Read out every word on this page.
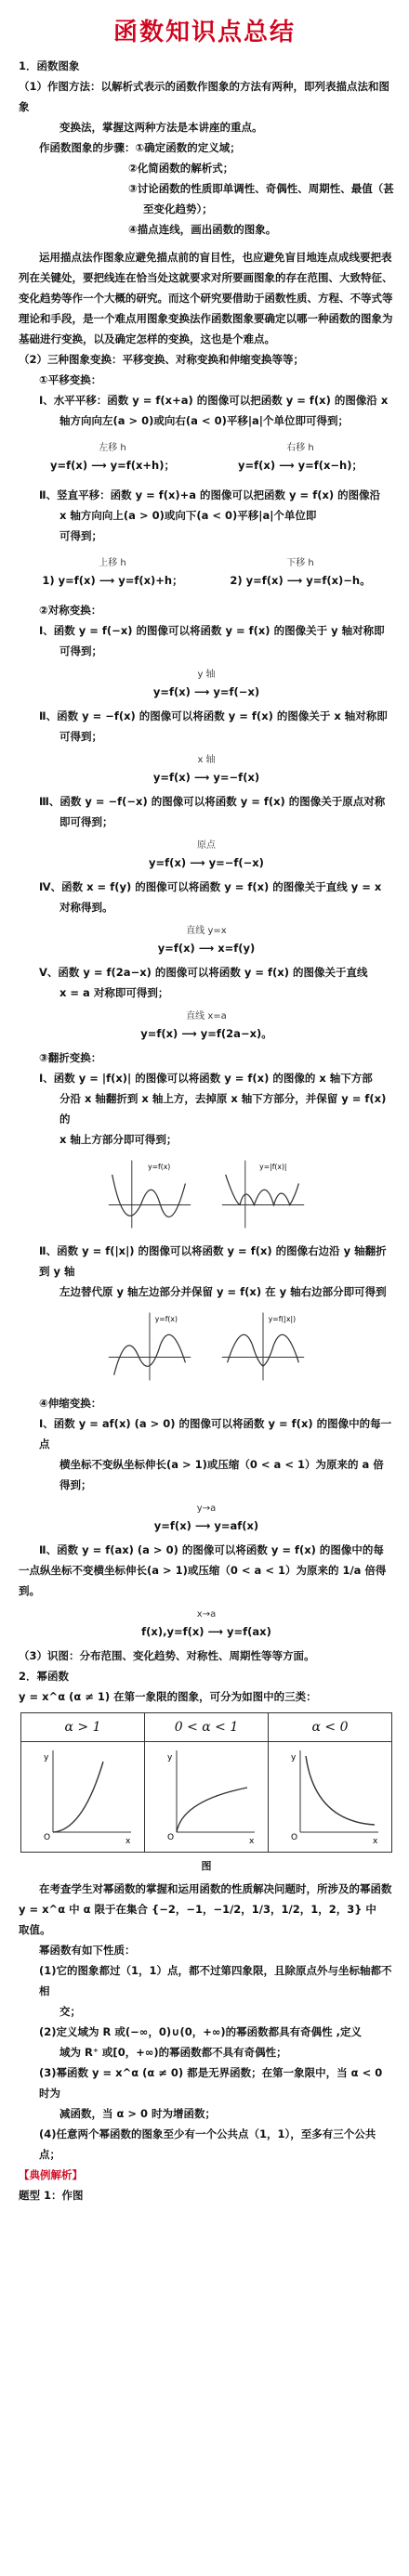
函数知识点总结

1．函数图象

（1）作图方法：以解析式表示的函数作图象的方法有两种，即列表描点法和图象

变换法，掌握这两种方法是本讲座的重点。

作函数图象的步骤：①确定函数的定义域；

②化简函数的解析式；

③讨论函数的性质即单调性、奇偶性、周期性、最值（甚

至变化趋势）；

④描点连线，画出函数的图象。

运用描点法作图象应避免描点前的盲目性，也应避免盲目地连点成线要把表

列在关键处，要把线连在恰当处这就要求对所要画图象的存在范围、大致特征、

变化趋势等作一个大概的研究。而这个研究要借助于函数性质、方程、不等式等

理论和手段，是一个难点用图象变换法作函数图象要确定以哪一种函数的图象为

基础进行变换，以及确定怎样的变换，这也是个难点。

（2）三种图象变换：平移变换、对称变换和伸缩变换等等；

①平移变换：

Ⅰ、水平平移：函数 y = f(x+a) 的图像可以把函数 y = f(x) 的图像沿 x

轴方向向左(a > 0)或向右(a < 0)平移|a|个单位即可得到；

左移 h
y=f(x) ⟶ y=f(x+h)；
右移 h
y=f(x) ⟶ y=f(x−h)；

Ⅱ、竖直平移：函数 y = f(x)+a 的图像可以把函数 y = f(x) 的图像沿

x 轴方向向上(a > 0)或向下(a < 0)平移|a|个单位即

可得到；

上移 h
1) y=f(x) ⟶ y=f(x)+h；
下移 h
2) y=f(x) ⟶ y=f(x)−h。

②对称变换：

Ⅰ、函数 y = f(−x) 的图像可以将函数 y = f(x) 的图像关于 y 轴对称即

可得到；

y 轴
y=f(x) ⟶ y=f(−x)

Ⅱ、函数 y = −f(x) 的图像可以将函数 y = f(x) 的图像关于 x 轴对称即

可得到；

x 轴
y=f(x) ⟶ y=−f(x)

Ⅲ、函数 y = −f(−x) 的图像可以将函数 y = f(x) 的图像关于原点对称

即可得到；

原点
y=f(x) ⟶ y=−f(−x)

Ⅳ、函数 x = f(y) 的图像可以将函数 y = f(x) 的图像关于直线 y = x

对称得到。

直线 y=x
y=f(x) ⟶ x=f(y)

Ⅴ、函数 y = f(2a−x) 的图像可以将函数 y = f(x) 的图像关于直线

x = a 对称即可得到；

直线 x=a
y=f(x) ⟶ y=f(2a−x)。

③翻折变换：

Ⅰ、函数 y = |f(x)| 的图像可以将函数 y = f(x) 的图像的 x 轴下方部

分沿 x 轴翻折到 x 轴上方，去掉原 x 轴下方部分，并保留 y = f(x) 的

x 轴上方部分即可得到；

y=f(x)	y=|f(x)|

Ⅱ、函数 y = f(|x|) 的图像可以将函数 y = f(x) 的图像右边沿 y 轴翻折到 y 轴

左边替代原 y 轴左边部分并保留 y = f(x) 在 y 轴右边部分即可得到

y=f(x)	y=f(|x|)

④伸缩变换：

Ⅰ、函数 y = af(x) (a > 0) 的图像可以将函数 y = f(x) 的图像中的每一点

横坐标不变纵坐标伸长(a > 1)或压缩（0 < a < 1）为原来的 a 倍得到；

y→a
y=f(x) ⟶ y=af(x)

Ⅱ、函数 y = f(ax) (a > 0) 的图像可以将函数 y = f(x) 的图像中的每

一点纵坐标不变横坐标伸长(a > 1)或压缩（0 < a < 1）为原来的 1/a 倍得到。

x→a
f(x),y=f(x) ⟶ y=f(ax)

（3）识图：分布范围、变化趋势、对称性、周期性等等方面。

2．幂函数

y = x^α (α ≠ 1) 在第一象限的图象，可分为如图中的三类：

α > 1	0 < α < 1	α < 0

y
x
O	y
x
O	y
x
O
图

在考查学生对幂函数的掌握和运用函数的性质解决问题时，所涉及的幂函数

y = x^α 中 α 限于在集合 {−2，−1，−1/2，1/3，1/2，1，2，3} 中

取值。

幂函数有如下性质：

(1)它的图象都过（1，1）点，都不过第四象限，且除原点外与坐标轴都不相

交；

(2)定义域为 R 或(−∞，0)∪(0，+∞)的幂函数都具有奇偶性 ,定义

域为 R⁺ 或[0，+∞)的幂函数都不具有奇偶性；

(3)幂函数 y = x^α (α ≠ 0) 都是无界函数；在第一象限中，当 α < 0 时为

减函数，当 α > 0 时为增函数；

(4)任意两个幂函数的图象至少有一个公共点（1，1），至多有三个公共点；

【典例解析】

题型 1：作图
